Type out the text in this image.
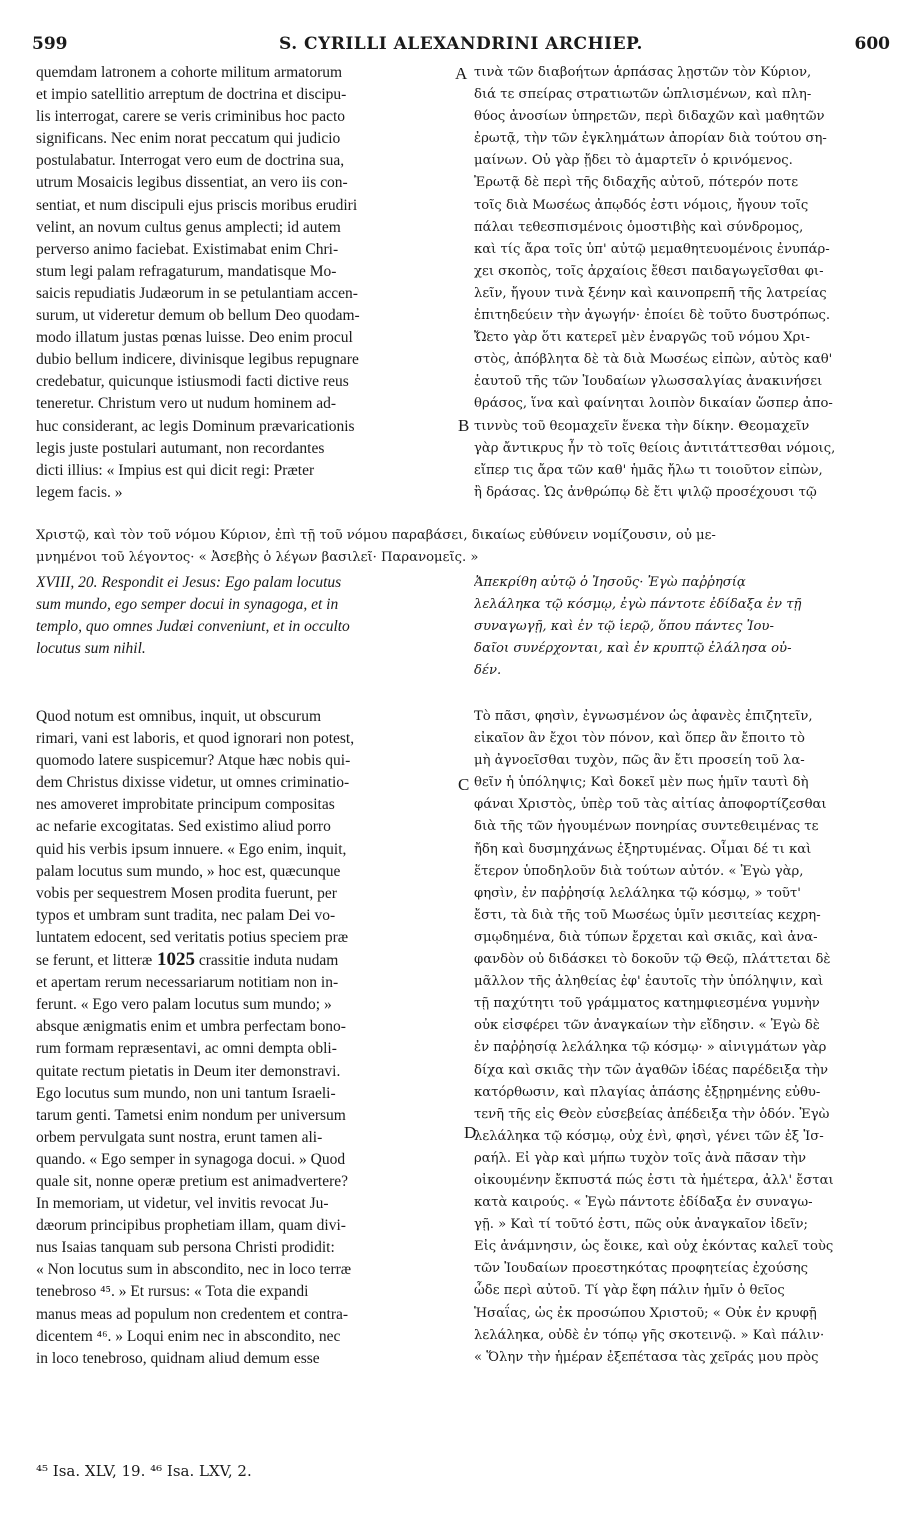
599	S. CYRILLI ALEXANDRINI ARCHIEP.	600
quemdam latronem a cohorte militum armatorum
et impio satellitio arreptum de doctrina et discipu-
lis interrogat, carere se veris criminibus hoc pacto
significans. Nec enim norat peccatum qui judicio
postulabatur. Interrogat vero eum de doctrina sua,
utrum Mosaicis legibus dissentiat, an vero iis con-
sentiat, et num discipuli ejus priscis moribus erudiri
velint, an novum cultus genus amplecti; id autem
perverso animo faciebat. Existimabat enim Chri-
stum legi palam refragaturum, mandatisque Mo-
saicis repudiatis Judæorum in se petulantiam accen-
surum, ut videretur demum ob bellum Deo quodam-
modo illatum justas pœnas luisse. Deo enim procul
dubio bellum indicere, divinisque legibus repugnare
credebatur, quicunque istiusmodi facti dictive reus
teneretur. Christum vero ut nudum hominem ad-
huc considerant, ac legis Dominum prævaricationis
legis juste postulari autumant, non recordantes
dicti illius: « Impius est qui dicit regi: Præter
legem facis. »
τινὰ τῶν διαβοήτων ἁρπάσας λῃστῶν τὸν Κύριον,
διά τε σπείρας στρατιωτῶν ὡπλισμένων, καὶ πλη-
θύος ἀνοσίων ὑπηρετῶν, περὶ διδαχῶν καὶ μαθητῶν
ἐρωτᾷ, τὴν τῶν ἐγκλημάτων ἀπορίαν διὰ τούτου ση-
μαίνων. Οὐ γὰρ ᾔδει τὸ ἁμαρτεῖν ὁ κρινόμενος.
Ἐρωτᾷ δὲ περὶ τῆς διδαχῆς αὐτοῦ, πότερόν ποτε
τοῖς διὰ Μωσέως ἀπῳδός ἐστι νόμοις, ἤγουν τοῖς
πάλαι τεθεσπισμένοις ὁμοστιβὴς καὶ σύνδρομος,
καὶ τίς ἄρα τοῖς ὑπ' αὐτῷ μεμαθητευομένοις ἐνυπάρ-
χει σκοπὸς, τοῖς ἀρχαίοις ἔθεσι παιδαγωγεῖσθαι φι-
λεῖν, ἤγουν τινὰ ξένην καὶ καινοπρεπῆ τῆς λατρείας
ἐπιτηδεύειν τὴν ἀγωγήν· ἐποίει δὲ τοῦτο δυστρόπως.
Ὤετο γὰρ ὅτι κατερεῖ μὲν ἐναργῶς τοῦ νόμου Χρι-
στὸς, ἀπόβλητα δὲ τὰ διὰ Μωσέως εἰπὼν, αὐτὸς καθ'
ἑαυτοῦ τῆς τῶν Ἰουδαίων γλωσσαλγίας ἀνακινήσει
θράσος, ἵνα καὶ φαίνηται λοιπὸν δικαίαν ὥσπερ ἀπο-
τιννὺς τοῦ θεομαχεῖν ἕνεκα τὴν δίκην. Θεομαχεῖν
γὰρ ἄντικρυς ἦν τὸ τοῖς θείοις ἀντιτάττεσθαι νόμοις,
εἴπερ τις ἄρα τῶν καθ' ἡμᾶς ἤλω τι τοιοῦτον εἰπὼν,
ἢ δράσας. Ὡς ἀνθρώπῳ δὲ ἔτι ψιλῷ προσέχουσι τῷ
A
B
C
D
Χριστῷ, καὶ τὸν τοῦ νόμου Κύριον, ἐπὶ τῇ τοῦ νόμου παραβάσει, δικαίως εὐθύνειν νομίζουσιν, οὐ με-
μνημένοι τοῦ λέγοντος· « Ἀσεβὴς ὁ λέγων βασιλεῖ· Παρανομεῖς. »
XVIII, 20. Respondit ei Jesus: Ego palam locutus
sum mundo, ego semper docui in synagoga, et in
templo, quo omnes Judæi conveniunt, et in occulto
locutus sum nihil.
Ἀπεκρίθη αὐτῷ ὁ Ἰησοῦς· Ἐγὼ παῤῥησίᾳ
λελάληκα τῷ κόσμῳ, ἐγὼ πάντοτε ἐδίδαξα ἐν τῇ
συναγωγῇ, καὶ ἐν τῷ ἱερῷ, ὅπου πάντες Ἰου-
δαῖοι συνέρχονται, καὶ ἐν κρυπτῷ ἐλάλησα οὐ-
δέν.
Quod notum est omnibus, inquit, ut obscurum
rimari, vani est laboris, et quod ignorari non potest,
quomodo latere suspicemur? Atque hæc nobis qui-
dem Christus dixisse videtur, ut omnes criminatio-
nes amoveret improbitate principum compositas
ac nefarie excogitatas. Sed existimo aliud porro
quid his verbis ipsum innuere. « Ego enim, inquit,
palam locutus sum mundo, » hoc est, quæcunque
vobis per sequestrem Mosen prodita fuerunt, per
typos et umbram sunt tradita, nec palam Dei vo-
luntatem edocent, sed veritatis potius speciem præ
se ferunt, et litteræ 1025 crassitie induta nudam
et apertam rerum necessariarum notitiam non in-
ferunt. « Ego vero palam locutus sum mundo; »
absque ænigmatis enim et umbra perfectam bono-
rum formam repræsentavi, ac omni dempta obli-
quitate rectum pietatis in Deum iter demonstravi.
Ego locutus sum mundo, non uni tantum Israeli-
tarum genti. Tametsi enim nondum per universum
orbem pervulgata sunt nostra, erunt tamen ali-
quando. « Ego semper in synagoga docui. » Quod
quale sit, nonne operæ pretium est animadvertere?
In memoriam, ut videtur, vel invitis revocat Ju-
dæorum principibus prophetiam illam, quam divi-
nus Isaias tanquam sub persona Christi prodidit:
« Non locutus sum in abscondito, nec in loco terræ
tenebroso ⁴⁵. » Et rursus: « Tota die expandi
manus meas ad populum non credentem et contra-
dicentem ⁴⁶. » Loqui enim nec in abscondito, nec
in loco tenebroso, quidnam aliud demum esse
Τὸ πᾶσι, φησὶν, ἐγνωσμένον ὡς ἀφανὲς ἐπιζητεῖν,
εἰκαῖον ἂν ἔχοι τὸν πόνον, καὶ ὅπερ ἂν ἔποιτο τὸ
μὴ ἀγνοεῖσθαι τυχὸν, πῶς ἂν ἔτι προσείη τοῦ λα-
θεῖν ἡ ὑπόληψις; Καὶ δοκεῖ μὲν πως ἡμῖν ταυτὶ δὴ
φάναι Χριστὸς, ὑπὲρ τοῦ τὰς αἰτίας ἀποφορτίζεσθαι
διὰ τῆς τῶν ἡγουμένων πονηρίας συντεθειμένας τε
ἤδη καὶ δυσμηχάνως ἐξηρτυμένας. Οἶμαι δέ τι καὶ
ἕτερον ὑποδηλοῦν διὰ τούτων αὐτόν. « Ἐγὼ γὰρ,
φησὶν, ἐν παῤῥησίᾳ λελάληκα τῷ κόσμῳ, » τοῦτ'
ἔστι, τὰ διὰ τῆς τοῦ Μωσέως ὑμῖν μεσιτείας κεχρη-
σμῳδημένα, διὰ τύπων ἔρχεται καὶ σκιᾶς, καὶ ἀνα-
φανδὸν οὐ διδάσκει τὸ δοκοῦν τῷ Θεῷ, πλάττεται δὲ
μᾶλλον τῆς ἀληθείας ἐφ' ἑαυτοῖς τὴν ὑπόληψιν, καὶ
τῇ παχύτητι τοῦ γράμματος κατημφιεσμένα γυμνὴν
οὐκ εἰσφέρει τῶν ἀναγκαίων τὴν εἴδησιν. « Ἐγὼ δὲ
ἐν παῤῥησίᾳ λελάληκα τῷ κόσμῳ· » αἰνιγμάτων γὰρ
δίχα καὶ σκιᾶς τὴν τῶν ἀγαθῶν ἰδέας παρέδειξα τὴν
κατόρθωσιν, καὶ πλαγίας ἁπάσης ἐξῃρημένης εὐθυ-
τενῆ τῆς εἰς Θεὸν εὐσεβείας ἀπέδειξα τὴν ὁδόν. Ἐγὼ
λελάληκα τῷ κόσμῳ, οὐχ ἑνὶ, φησὶ, γένει τῶν ἐξ Ἰσ-
ραήλ. Εἰ γὰρ καὶ μήπω τυχὸν τοῖς ἀνὰ πᾶσαν τὴν
οἰκουμένην ἔκπυστά πώς ἐστι τὰ ἡμέτερα, ἀλλ' ἔσται
κατὰ καιρούς. « Ἐγὼ πάντοτε ἐδίδαξα ἐν συναγω-
γῇ. » Καὶ τί τοῦτό ἐστι, πῶς οὐκ ἀναγκαῖον ἰδεῖν;
Εἰς ἀνάμνησιν, ὡς ἔοικε, καὶ οὐχ ἑκόντας καλεῖ τοὺς
τῶν Ἰουδαίων προεστηκότας προφητείας ἐχούσης
ὧδε περὶ αὐτοῦ. Τί γὰρ ἔφη πάλιν ἡμῖν ὁ θεῖος
Ἡσαΐας, ὡς ἐκ προσώπου Χριστοῦ; « Οὐκ ἐν κρυφῇ
λελάληκα, οὐδὲ ἐν τόπῳ γῆς σκοτεινῷ. » Καὶ πάλιν·
« Ὅλην τὴν ἡμέραν ἐξεπέτασα τὰς χεῖράς μου πρὸς
⁴⁵ Isa. XLV, 19. ⁴⁶ Isa. LXV, 2.
